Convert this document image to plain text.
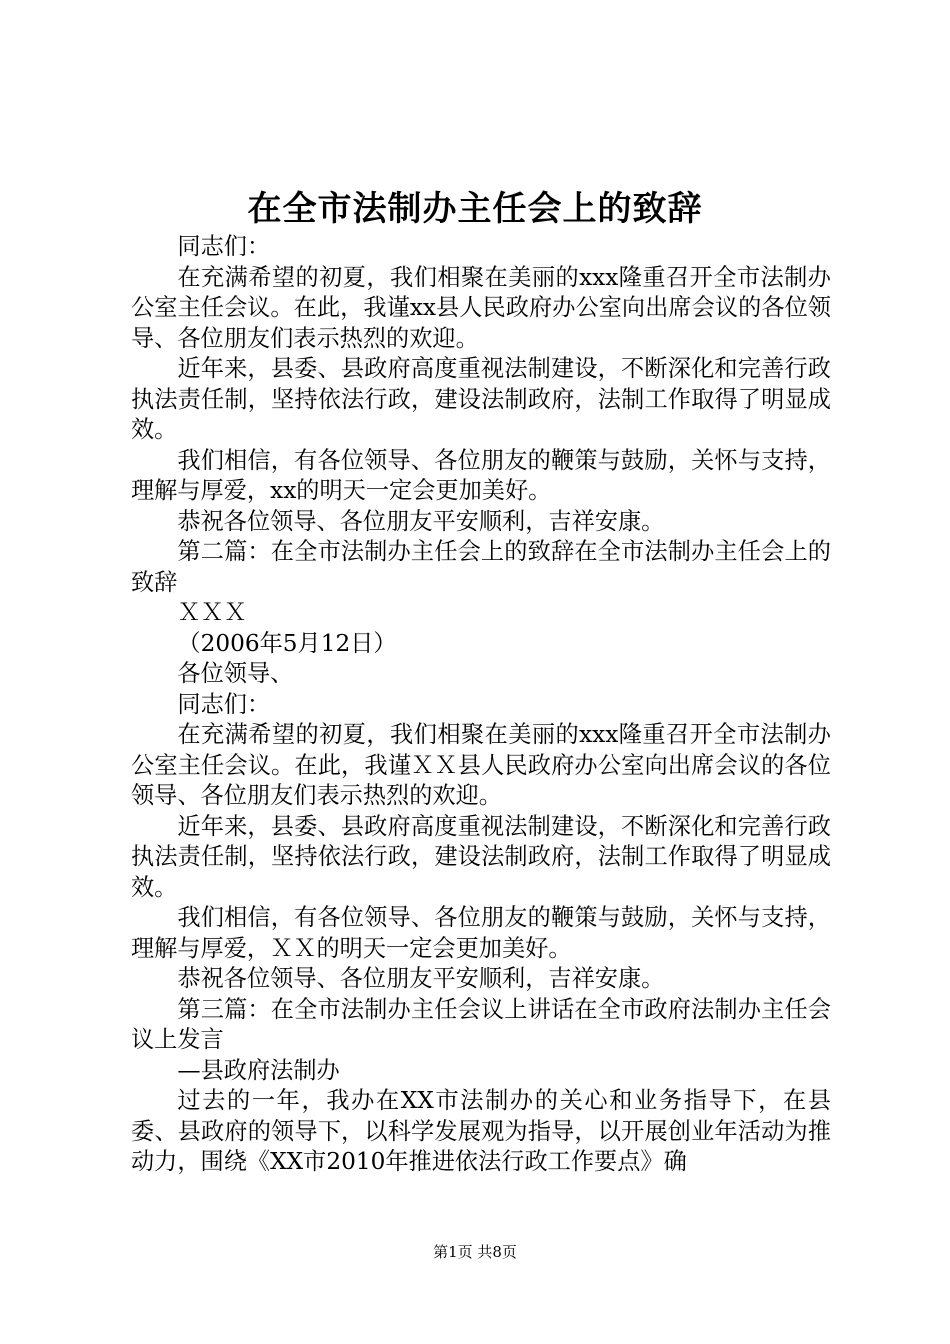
在全市法制办主任会上的致辞

同志们：

在充满希望的初夏，我们相聚在美丽的xxx隆重召开全市法制办公室主任会议。在此，我谨xx县人民政府办公室向出席会议的各位领导、各位朋友们表示热烈的欢迎。

近年来，县委、县政府高度重视法制建设，不断深化和完善行政执法责任制，坚持依法行政，建设法制政府，法制工作取得了明显成效。

我们相信，有各位领导、各位朋友的鞭策与鼓励，关怀与支持，理解与厚爱，xx的明天一定会更加美好。

恭祝各位领导、各位朋友平安顺利，吉祥安康。

第二篇：在全市法制办主任会上的致辞在全市法制办主任会上的致辞

ＸＸＸ

（2006年5月12日）

各位领导、

同志们：

在充满希望的初夏，我们相聚在美丽的xxx隆重召开全市法制办公室主任会议。在此，我谨ＸＸ县人民政府办公室向出席会议的各位领导、各位朋友们表示热烈的欢迎。

近年来，县委、县政府高度重视法制建设，不断深化和完善行政执法责任制，坚持依法行政，建设法制政府，法制工作取得了明显成效。

我们相信，有各位领导、各位朋友的鞭策与鼓励，关怀与支持，理解与厚爱，ＸＸ的明天一定会更加美好。

恭祝各位领导、各位朋友平安顺利，吉祥安康。

第三篇：在全市法制办主任会议上讲话在全市政府法制办主任会议上发言

—县政府法制办

过去的一年，我办在XX市法制办的关心和业务指导下，在县委、县政府的领导下，以科学发展观为指导，以开展创业年活动为推动力，围绕《XX市2010年推进依法行政工作要点》确

第1页 共8页
